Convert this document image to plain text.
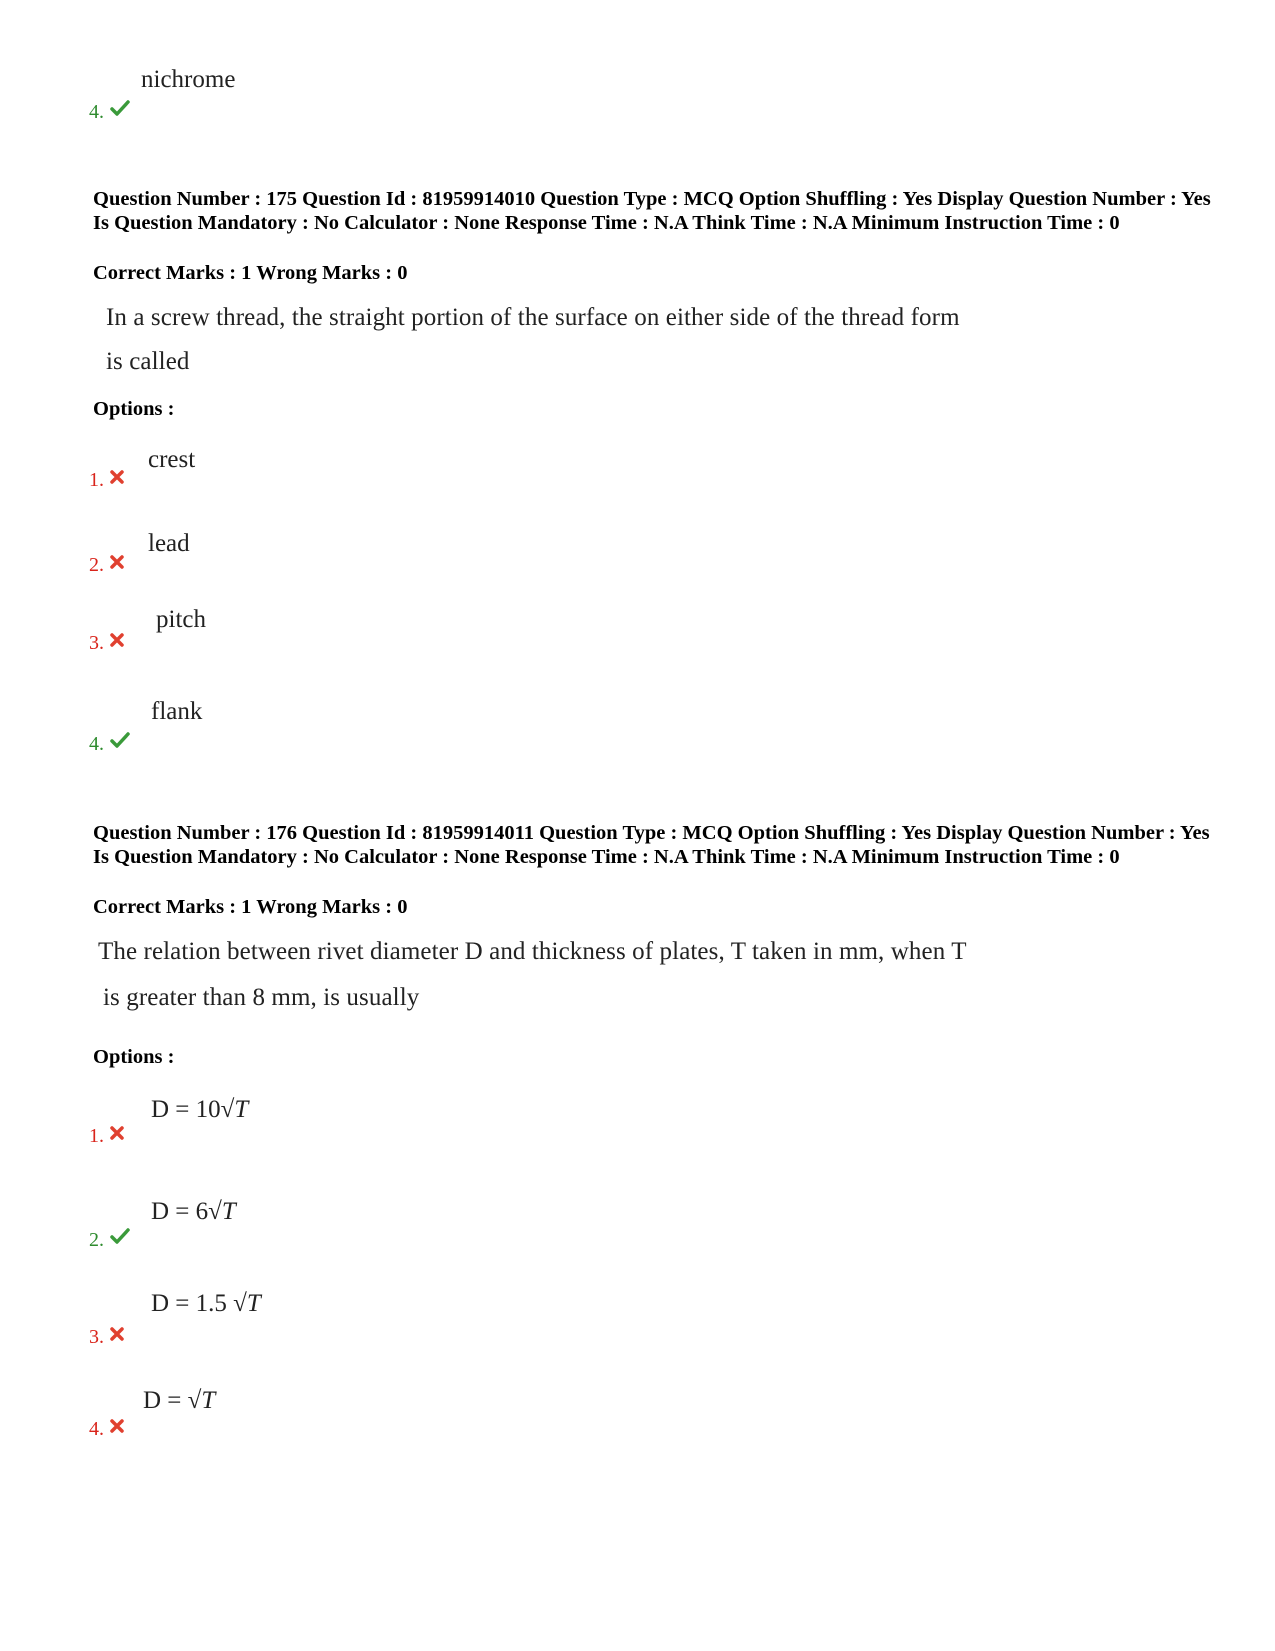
nichrome
4.
Question Number : 175 Question Id : 81959914010 Question Type : MCQ Option Shuffling : Yes Display Question Number : Yes Is Question Mandatory : No Calculator : None Response Time : N.A Think Time : N.A Minimum Instruction Time : 0
Correct Marks : 1 Wrong Marks : 0
In a screw thread, the straight portion of the surface on either side of the thread form
is called
Options :
crest
1.
lead
2.
pitch
3.
flank
4.
Question Number : 176 Question Id : 81959914011 Question Type : MCQ Option Shuffling : Yes Display Question Number : Yes Is Question Mandatory : No Calculator : None Response Time : N.A Think Time : N.A Minimum Instruction Time : 0
Correct Marks : 1 Wrong Marks : 0
The relation between rivet diameter D and thickness of plates, T taken in mm, when T
is greater than 8 mm, is usually
Options :
D = 10√T
1.
D = 6√T
2.
D = 1.5 √T
3.
D = √T
4.
